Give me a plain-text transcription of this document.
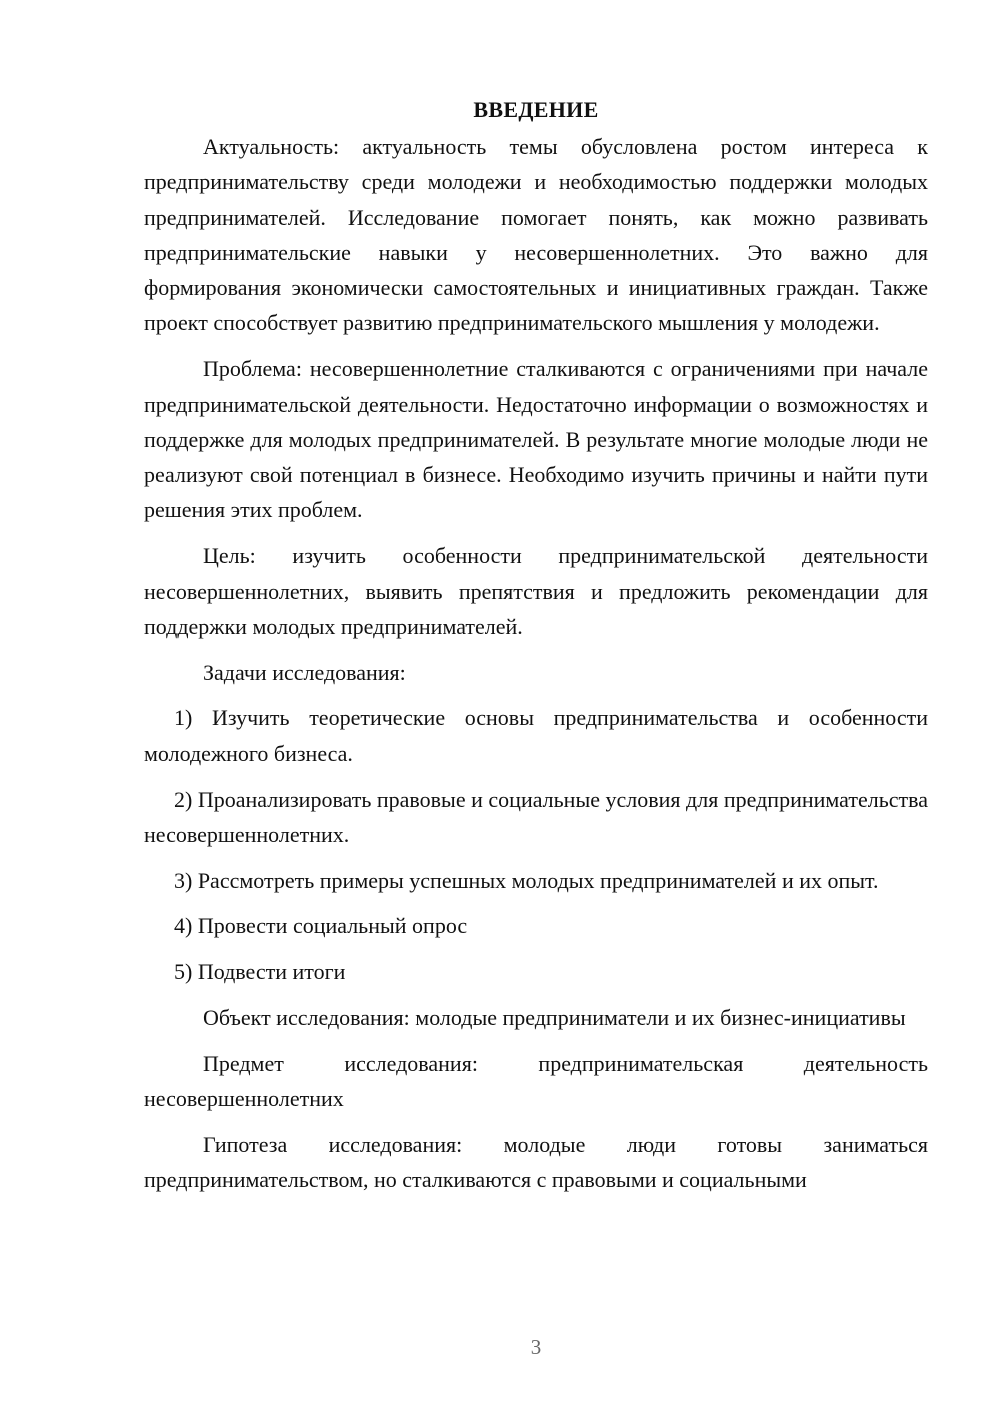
ВВЕДЕНИЕ

Актуальность: актуальность темы обусловлена ростом интереса к предпринимательству среди молодежи и необходимостью поддержки молодых предпринимателей. Исследование помогает понять, как можно развивать предпринимательские навыки у несовершеннолетних. Это важно для формирования экономически самостоятельных и инициативных граждан. Также проект способствует развитию предпринимательского мышления у молодежи.

Проблема: несовершеннолетние сталкиваются с ограничениями при начале предпринимательской деятельности. Недостаточно информации о возможностях и поддержке для молодых предпринимателей. В результате многие молодые люди не реализуют свой потенциал в бизнесе. Необходимо изучить причины и найти пути решения этих проблем.

Цель: изучить особенности предпринимательской деятельности несовершеннолетних, выявить препятствия и предложить рекомендации для поддержки молодых предпринимателей.

Задачи исследования:

1) Изучить теоретические основы предпринимательства и особенности молодежного бизнеса.

2) Проанализировать правовые и социальные условия для предпринимательства несовершеннолетних.

3) Рассмотреть примеры успешных молодых предпринимателей и их опыт.

4) Провести социальный опрос

5) Подвести итоги

Объект исследования: молодые предприниматели и их бизнес-инициативы

Предмет исследования: предпринимательская деятельность несовершеннолетних

Гипотеза исследования: молодые люди готовы заниматься предпринимательством, но сталкиваются с правовыми и социальными

3
